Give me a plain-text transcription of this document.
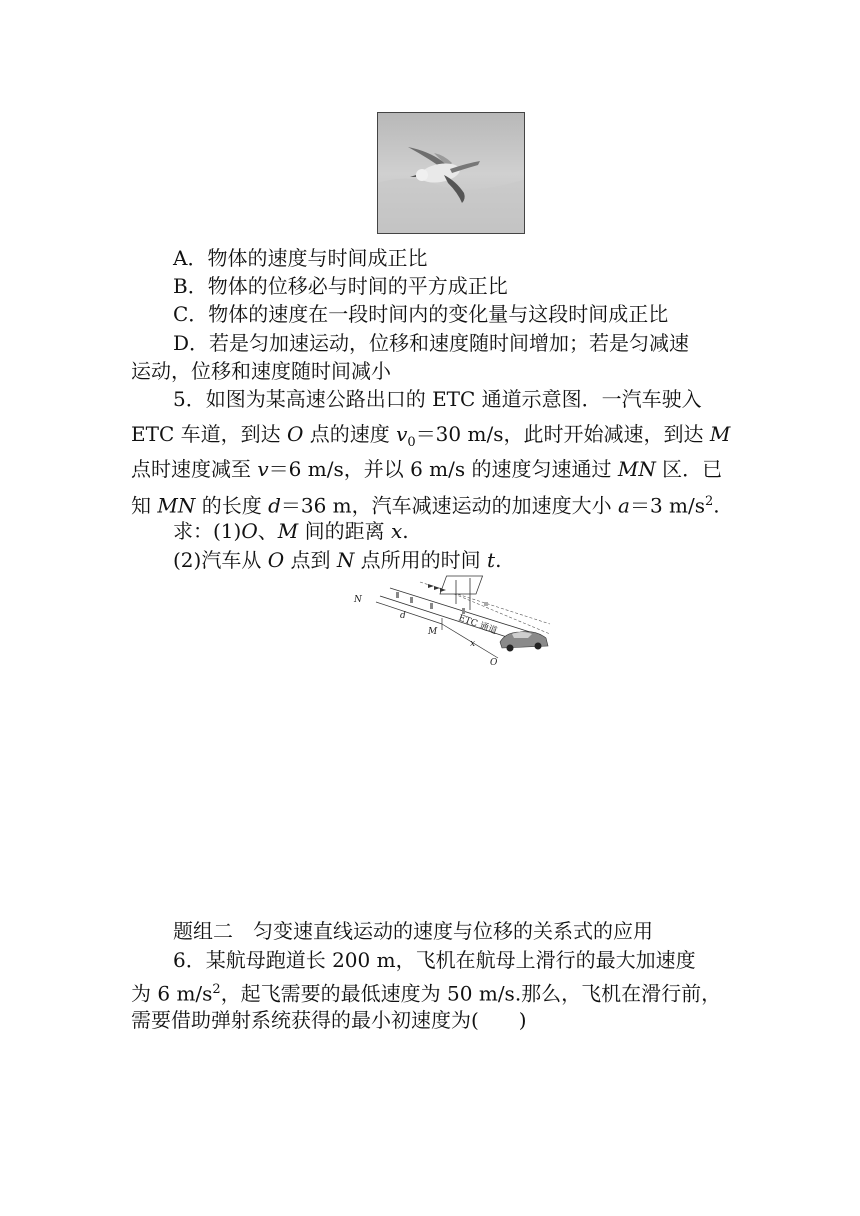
A．物体的速度与时间成正比
B．物体的位移必与时间的平方成正比
C．物体的速度在一段时间内的变化量与这段时间成正比
D．若是匀加速运动，位移和速度随时间增加；若是匀减速
运动，位移和速度随时间减小
5．如图为某高速公路出口的 ETC 通道示意图．一汽车驶入
ETC 车道，到达 O 点的速度 $v_0=30$ m/s，此时开始减速，到达 M
点时速度减至 v＝6 m/s，并以 6 m/s 的速度匀速通过 MN 区．已
知 MN 的长度 d＝36 m，汽车减速运动的加速度大小 a＝3 $m/s^2$.
求：(1)O、M 间的距离 x.
(2)汽车从 O 点到 N 点所用的时间 t.
N
d
M
x
O
ETC 通道
题组二　匀变速直线运动的速度与位移的关系式的应用
6．某航母跑道长 200 m，飞机在航母上滑行的最大加速度
为 6 $m/s^2$，起飞需要的最低速度为 50 m/s.那么，飞机在滑行前，
需要借助弹射系统获得的最小初速度为(　　)
